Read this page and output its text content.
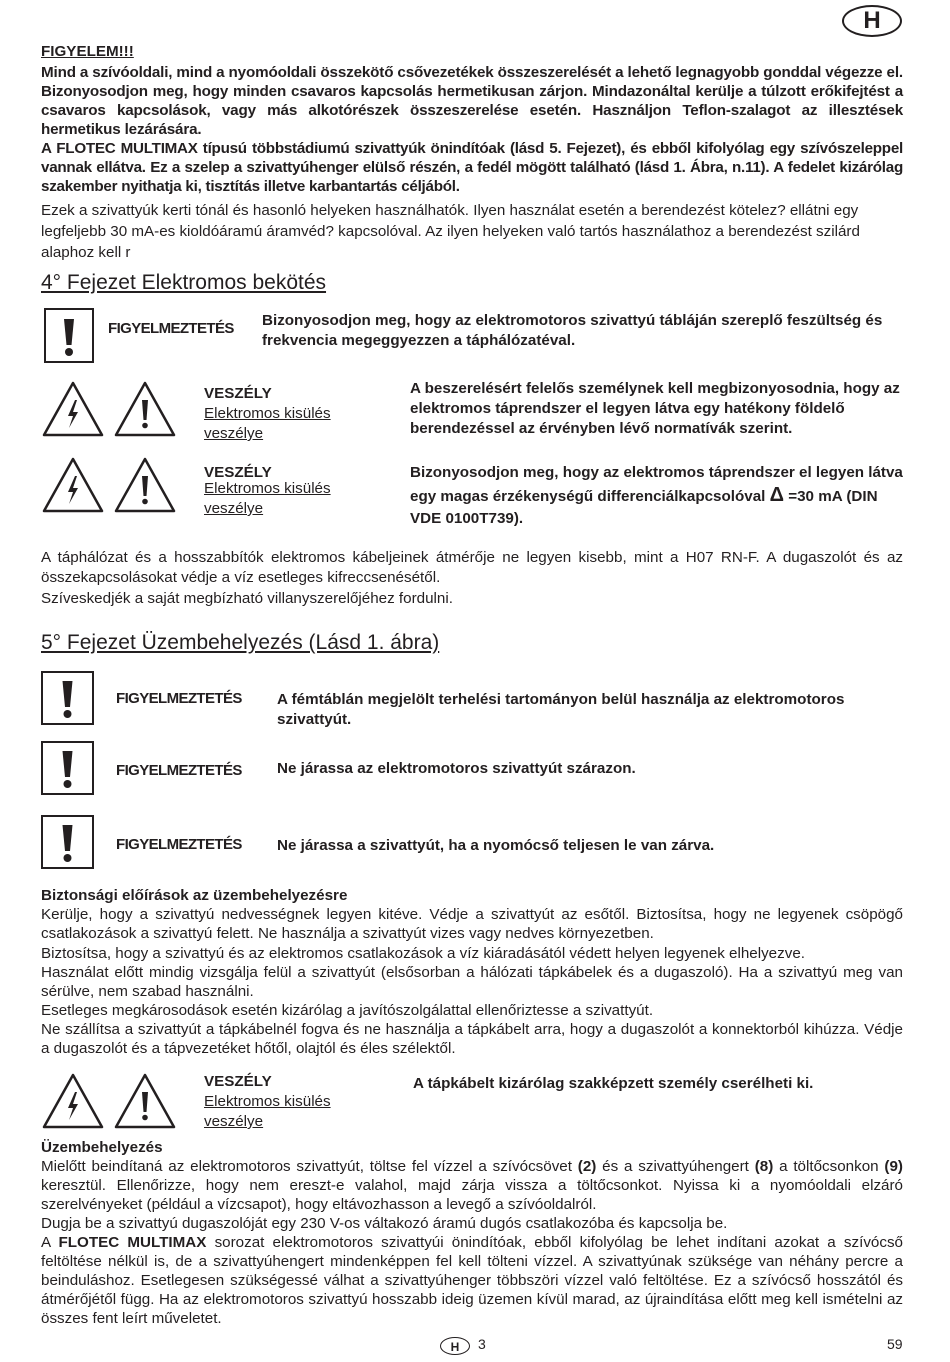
H
FIGYELEM!!!
Mind a szívóoldali, mind a nyomóoldali összekötő csővezetékek összeszerelését a lehető legnagyobb gonddal végezze el. Bizonyosodjon meg, hogy minden csavaros kapcsolás hermetikusan zárjon. Mindazonáltal kerülje a túlzott erőkifejtést a csavaros kapcsolások, vagy más alkotórészek összeszerelése esetén. Használjon Teflon-szalagot az illesztések hermetikus lezárására.
A FLOTEC MULTIMAX típusú többstádiumú szivattyúk önindítóak (lásd 5. Fejezet), és ebből kifolyólag egy szívószeleppel vannak ellátva. Ez a szelep a szivattyúhenger elülső részén, a fedél mögött található (lásd 1. Ábra, n.11). A fedelet kizárólag szakember nyithatja ki, tisztítás illetve karbantartás céljából.
Ezek a szivattyúk kerti tónál és hasonló helyeken használhatók. Ilyen használat esetén a berendezést kötelez? ellátni egy legfeljebb 30 mA-es kioldóáramú áramvéd? kapcsolóval. Az ilyen helyeken való tartós használathoz a berendezést szilárd alaphoz kell r
4° Fejezet Elektromos bekötés
FIGYELMEZTETÉS Bizonyosodjon meg, hogy az elektromotoros szivattyú tábláján szereplő feszültség és frekvencia megeggyezzen a táphálózatéval.
VESZÉLY
Elektromos kisülés
veszélye
A beszerelésért felelős személynek kell megbizonyosodnia, hogy az elektromos táprendszer el legyen látva egy hatékony földelő berendezéssel az érvényben lévő normatívák szerint.
VESZÉLY
Elektromos kisülés
veszélye
Bizonyosodjon meg, hogy az elektromos táprendszer el legyen látva egy magas érzékenységű differenciálkapcsolóval Δ =30 mA (DIN VDE 0100T739).
A táphálózat és a hosszabbítók elektromos kábeljeinek átmérője ne legyen kisebb, mint a H07 RN-F. A dugaszolót és az összekapcsolásokat védje a víz esetleges kifreccsenésétől.
Szíveskedjék a saját megbízható villanyszerelőjéhez fordulni.
5° Fejezet Üzembehelyezés (Lásd 1. ábra)
FIGYELMEZTETÉS A fémtáblán megjelölt terhelési tartományon belül használja az elektromotoros szivattyút.
FIGYELMEZTETÉS Ne járassa az elektromotoros szivattyút szárazon.
FIGYELMEZTETÉS Ne járassa a szivattyút, ha a nyomócső teljesen le van zárva.
Biztonsági előírások az üzembehelyezésre
Kerülje, hogy a szivattyú nedvességnek legyen kitéve. Védje a szivattyút az esőtől. Biztosítsa, hogy ne legyenek csöpögő csatlakozások a szivattyú felett. Ne használja a szivattyút vizes vagy nedves környezetben.
Biztosítsa, hogy a szivattyú és az elektromos csatlakozások a víz kiáradásától védett helyen legyenek elhelyezve.
Használat előtt mindig vizsgálja felül a szivattyút (elsősorban a hálózati tápkábelek és a dugaszoló). Ha a szivattyú meg van sérülve, nem szabad használni.
Esetleges megkárosodások esetén kizárólag a javítószolgálattal ellenőriztesse a szivattyút.
Ne szállítsa a szivattyút a tápkábelnél fogva és ne használja a tápkábelt arra, hogy a dugaszolót a konnektorból kihúzza. Védje a dugaszolót és a tápvezetéket hőtől, olajtól és éles szélektől.
VESZÉLY
Elektromos kisülés
veszélye
A tápkábelt kizárólag szakképzett személy cserélheti ki.
Üzembehelyezés
Mielőtt beindítaná az elektromotoros szivattyút, töltse fel vízzel a szívócsövet (2) és a szivattyúhengert (8) a töltőcsonkon (9) keresztül. Ellenőrizze, hogy nem ereszt-e valahol, majd zárja vissza a töltőcsonkot. Nyissa ki a nyomóoldali elzáró szerelvényeket (például a vízcsapot), hogy eltávozhasson a levegő a szívóoldalról.
Dugja be a szivattyú dugaszolóját egy 230 V-os váltakozó áramú dugós csatlakozóba és kapcsolja be.
A FLOTEC MULTIMAX sorozat elektromotoros szivattyúi önindítóak, ebből kifolyólag be lehet indítani azokat a szívócső feltöltése nélkül is, de a szivattyúhengert mindenképpen fel kell tölteni vízzel. A szivattyúnak szüksége van néhány percre a beinduláshoz. Esetlegesen szükségessé válhat a szivattyúhenger többszöri vízzel való feltöltése. Ez a szívócső hosszától és átmérőjétől függ. Ha az elektromotoros szivattyú hosszabb ideig üzemen kívül marad, az újraindítása előtt meg kell ismételni az összes fent leírt műveletet.
H	3	59
